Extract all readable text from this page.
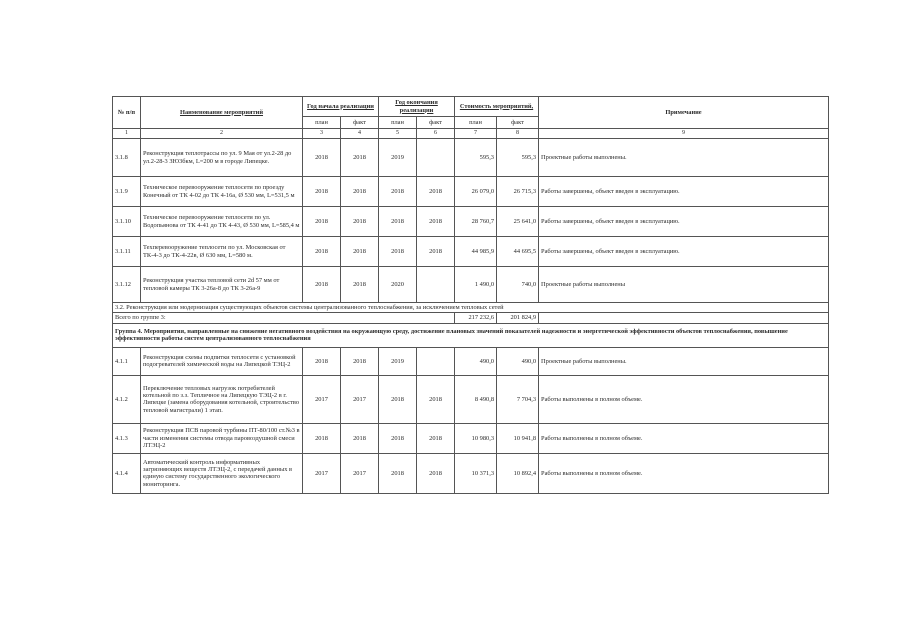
№ п/п	Наименование мероприятий	Год начала реализации		Год окончания реализации		Стоимость мероприятий,		Примечание
		план	факт	план	факт	план	факт	
1	2	3	4	5	6	7	8	9
3.1.8	Реконструкция теплотрассы по ул. 9 Мая от ул.2-28 до ул.2-28-3 ЗЮ3бкм, L=200 м в городе Липецке.	2018	2018	2019		595,3	595,3	Проектные работы выполнены.
3.1.9	Техническое перевооружение теплосети по проезду Конечный от ТК 4-02 до ТК 4-16а, Ø 530 мм, L=531,5 м	2018	2018	2018	2018	26 079,0	26 715,3	Работы завершены, объект введен в эксплуатацию.
3.1.10	Техническое перевооружение теплосети по ул. Водопьянова от ТК 4-41 до ТК 4-43, Ø 530 мм, L=585,4 м	2018	2018	2018	2018	28 760,7	25 641,0	Работы завершены, объект введен в эксплуатацию.
3.1.11	Техперевооружение теплосети по ул. Московская от ТК-4-3 до ТК-4-22в, Ø 630 мм, L=580 м.	2018	2018	2018	2018	44 985,9	44 695,5	Работы завершены, объект введен в эксплуатацию.
3.1.12	Реконструкция участка тепловой сети 2d 57 мм от тепловой камеры ТК 3-26а-8 до ТК 3-26а-9	2018	2018	2020		1 490,0	740,0	Проектные работы выполнены
3.2. Реконструкция или модернизация существующих объектов системы централизованного теплоснабжения, за исключением тепловых сетей								
Всего по группе 3:						217 232,6	201 824,9	
Группа 4. Мероприятия, направленные на снижение негативного воздействия на окружающую среду, достижение плановых значений показателей надежности и энергетической эффективности объектов теплоснабжения, повышение эффективности работы систем централизованного теплоснабжения								
4.1.1	Реконструкция схемы подпитки теплосети с установкой подогревателей химической воды на Липецкой ТЭЦ-2	2018	2018	2019		490,0	490,0	Проектные работы выполнены.
4.1.2	Переключение тепловых нагрузок потребителей котельной по з.з. Тепличное на Липецкую ТЭЦ-2 в г. Липецке (замена оборудования котельной, строительство тепловой магистрали) 1 этап.	2017	2017	2018	2018	8 490,8	7 704,3	Работы выполнены в полном объеме.
4.1.3	Реконструкция ПСВ паровой турбины ПТ-80/100 ст.№3 в части изменения системы отвода паровоздушной смеси ЛТЭЦ-2	2018	2018	2018	2018	10 980,3	10 941,8	Работы выполнены в полном объеме.
4.1.4	Автоматический контроль информативных загрязняющих веществ ЛТЭЦ-2, с передачей данных в единую систему государственного экологического мониторинга.	2017	2017	2018	2018	10 371,3	10 892,4	Работы выполнены в полном объеме.
